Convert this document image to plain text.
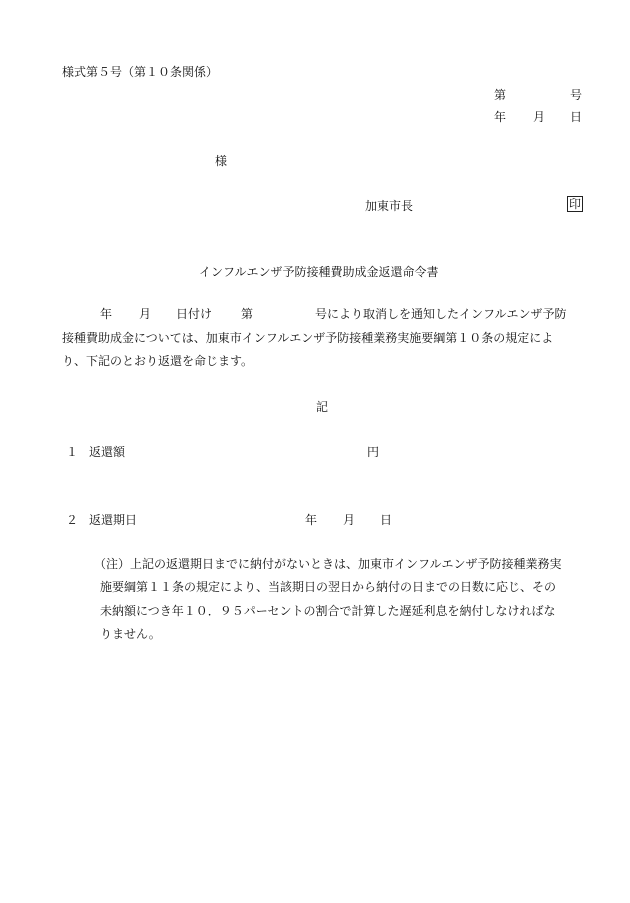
様式第５号（第１０条関係）
第	号
年 月 日
様
加東市長	印
インフルエンザ予防接種費助成金返還命令書
年 月 日付け 第	号により取消しを通知したインフルエンザ予防
接種費助成金については、加東市インフルエンザ予防接種業務実施要綱第１０条の規定によ
り、下記のとおり返還を命じます。
記
１ 返還額	円
２ 返還期日	年 月 日
（注）上記の返還期日までに納付がないときは、加東市インフルエンザ予防接種業務実
施要綱第１１条の規定により、当該期日の翌日から納付の日までの日数に応じ、その
未納額につき年１０．９５パーセントの割合で計算した遅延利息を納付しなければな
りません。
